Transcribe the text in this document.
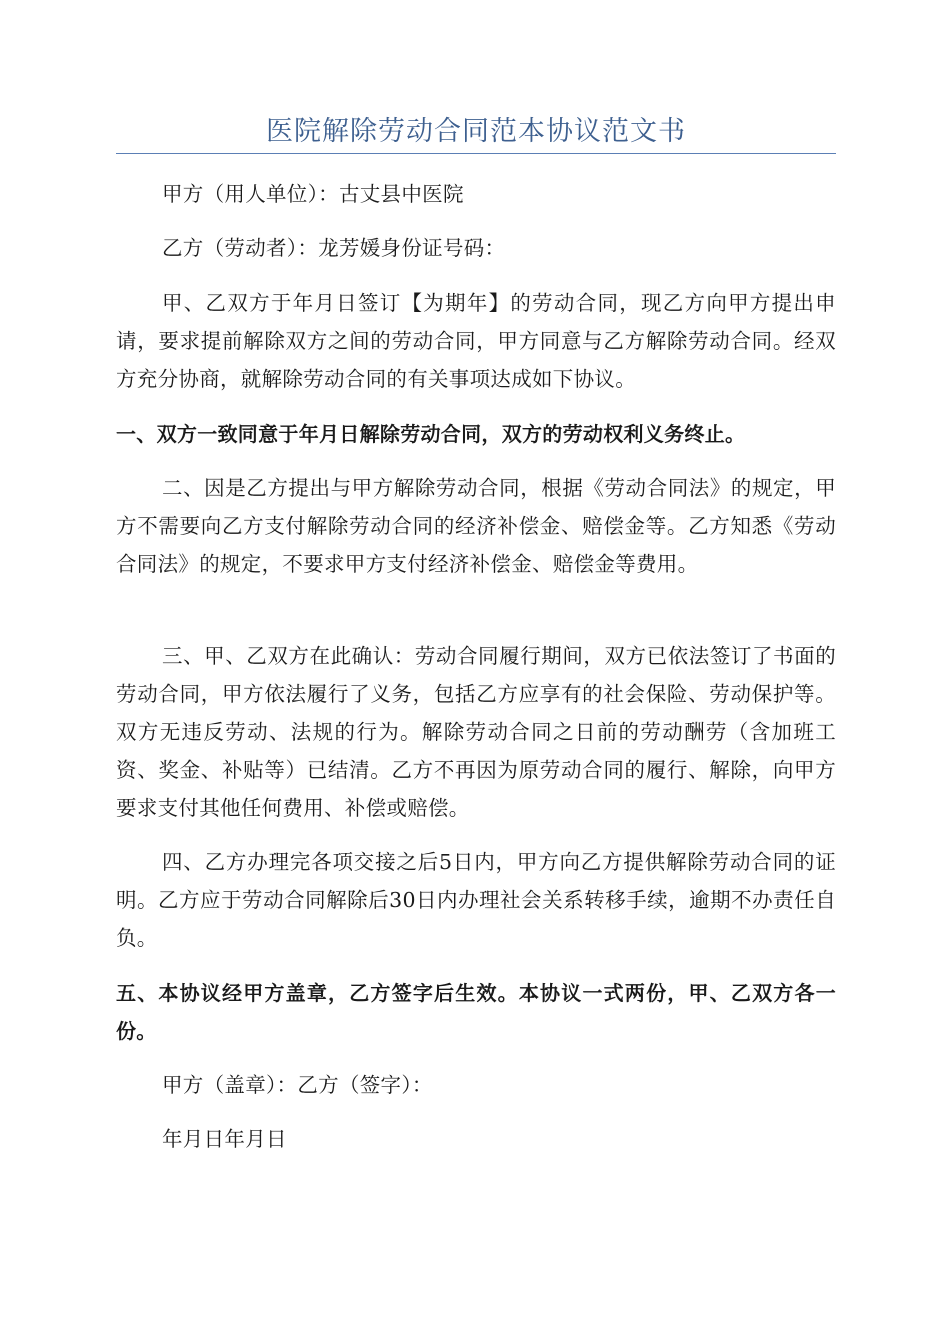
医院解除劳动合同范本协议范文书

甲方（用人单位）：古丈县中医院

乙方（劳动者）：龙芳媛身份证号码：

甲、乙双方于年月日签订【为期年】的劳动合同，现乙方向甲方提出申请，要求提前解除双方之间的劳动合同，甲方同意与乙方解除劳动合同。经双方充分协商，就解除劳动合同的有关事项达成如下协议。

一、双方一致同意于年月日解除劳动合同，双方的劳动权利义务终止。

二、因是乙方提出与甲方解除劳动合同，根据《劳动合同法》的规定，甲方不需要向乙方支付解除劳动合同的经济补偿金、赔偿金等。乙方知悉《劳动合同法》的规定，不要求甲方支付经济补偿金、赔偿金等费用。

三、甲、乙双方在此确认：劳动合同履行期间，双方已依法签订了书面的劳动合同，甲方依法履行了义务，包括乙方应享有的社会保险、劳动保护等。双方无违反劳动、法规的行为。解除劳动合同之日前的劳动酬劳（含加班工资、奖金、补贴等）已结清。乙方不再因为原劳动合同的履行、解除，向甲方要求支付其他任何费用、补偿或赔偿。

四、乙方办理完各项交接之后5日内，甲方向乙方提供解除劳动合同的证明。乙方应于劳动合同解除后30日内办理社会关系转移手续，逾期不办责任自负。

五、本协议经甲方盖章，乙方签字后生效。本协议一式两份，甲、乙双方各一份。

甲方（盖章）：乙方（签字）：

年月日年月日
